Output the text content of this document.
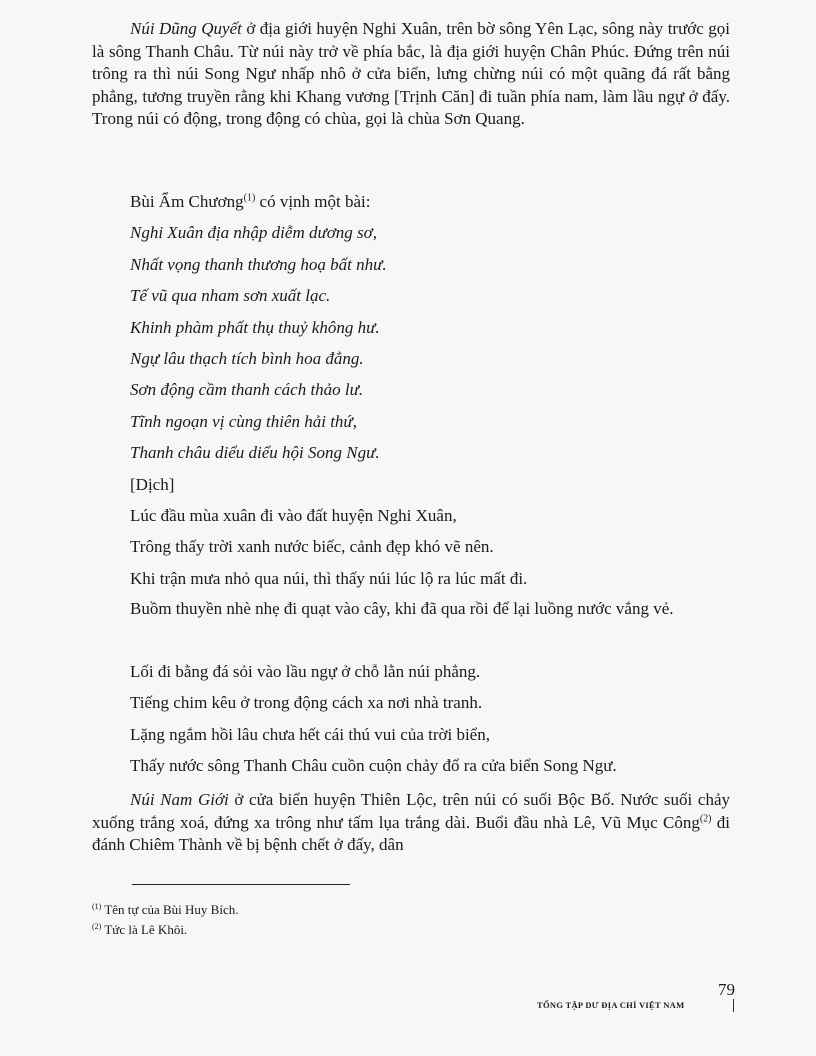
Núi Dũng Quyết ở địa giới huyện Nghi Xuân, trên bờ sông Yên Lạc, sông này trước gọi là sông Thanh Châu. Từ núi này trở về phía bắc, là địa giới huyện Chân Phúc. Đứng trên núi trông ra thì núi Song Ngư nhấp nhô ở cửa biển, lưng chừng núi có một quãng đá rất bằng phẳng, tương truyền rằng khi Khang vương [Trịnh Căn] đi tuần phía nam, làm lầu ngự ở đấy. Trong núi có động, trong động có chùa, gọi là chùa Sơn Quang.

Bùi Ẩm Chương$^{(1)}$ có vịnh một bài:

Nghi Xuân địa nhập diễm dương sơ,

Nhất vọng thanh thương hoạ bất như.

Tế vũ qua nham sơn xuất lạc.

Khinh phàm phất thụ thuỷ không hư.

Ngự lâu thạch tích bình hoa đẳng.

Sơn động cầm thanh cách thảo lư.

Tĩnh ngoạn vị cùng thiên hải thứ,

Thanh châu diểu diểu hội Song Ngư.

[Dịch]

Lúc đầu mùa xuân đi vào đất huyện Nghi Xuân,

Trông thấy trời xanh nước biếc, cảnh đẹp khó vẽ nên.

Khi trận mưa nhỏ qua núi, thì thấy núi lúc lộ ra lúc mất đi.

Buồm thuyền nhè nhẹ đi quạt vào cây, khi đã qua rồi để lại luồng nước vắng vẻ.

Lối đi bằng đá sỏi vào lầu ngự ở chỗ lằn núi phẳng.

Tiếng chim kêu ở trong động cách xa nơi nhà tranh.

Lặng ngắm hồi lâu chưa hết cái thú vui của trời biển,

Thấy nước sông Thanh Châu cuồn cuộn chảy đổ ra cửa biển Song Ngư.

Núi Nam Giới ở cửa biển huyện Thiên Lộc, trên núi có suối Bộc Bố. Nước suối chảy xuống trắng xoá, đứng xa trông như tấm lụa trắng dài. Buổi đầu nhà Lê, Vũ Mục Công$^{(2)}$ đi đánh Chiêm Thành về bị bệnh chết ở đấy, dân

$^{(1)}$ Tên tự của Bùi Huy Bích.
$^{(2)}$ Tức là Lê Khôi.
79
TỔNG TẬP DƯ ĐỊA CHÍ VIỆT NAM
